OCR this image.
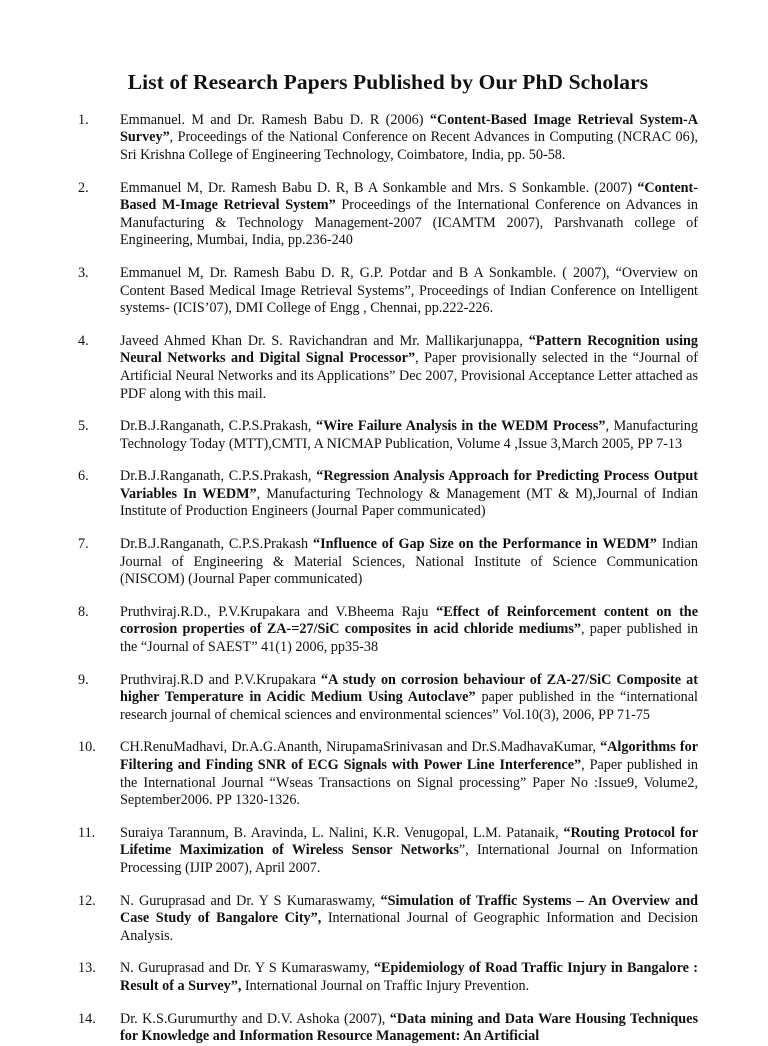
List of Research Papers Published by Our PhD Scholars
1.	Emmanuel. M and Dr. Ramesh Babu D. R (2006) “Content-Based Image Retrieval System-A Survey”, Proceedings of the National Conference on Recent Advances in Computing (NCRAC 06), Sri Krishna College of Engineering Technology, Coimbatore, India, pp. 50-58.
2.	Emmanuel M, Dr. Ramesh Babu D. R, B A Sonkamble and Mrs. S Sonkamble. (2007) “Content- Based M-Image Retrieval System” Proceedings of the International Conference on Advances in Manufacturing & Technology Management-2007 (ICAMTM 2007), Parshvanath college of Engineering, Mumbai, India, pp.236-240
3.	Emmanuel M, Dr. Ramesh Babu D. R, G.P. Potdar and B A Sonkamble. ( 2007), “Overview on Content Based Medical Image Retrieval Systems”, Proceedings of Indian Conference on Intelligent systems- (ICIS’07), DMI College of Engg , Chennai, pp.222-226.
4.	Javeed Ahmed Khan Dr. S. Ravichandran and Mr. Mallikarjunappa, “Pattern Recognition using Neural Networks and Digital Signal Processor”, Paper provisionally selected in the “Journal of Artificial Neural Networks and its Applications” Dec 2007, Provisional Acceptance Letter attached as PDF along with this mail.
5.	Dr.B.J.Ranganath, C.P.S.Prakash, “Wire Failure Analysis in the WEDM Process”, Manufacturing Technology Today (MTT),CMTI, A NICMAP Publication, Volume 4 ,Issue 3,March 2005, PP 7-13
6.	Dr.B.J.Ranganath, C.P.S.Prakash, “Regression Analysis Approach for Predicting Process Output Variables In WEDM”, Manufacturing Technology & Management (MT & M),Journal of Indian Institute of Production Engineers (Journal Paper communicated)
7.	Dr.B.J.Ranganath, C.P.S.Prakash “Influence of Gap Size on the Performance in WEDM” Indian Journal of Engineering & Material Sciences, National Institute of Science Communication (NISCOM) (Journal Paper communicated)
8.	Pruthviraj.R.D., P.V.Krupakara and V.Bheema Raju “Effect of Reinforcement content on the corrosion properties of ZA-=27/SiC composites in acid chloride mediums”, paper published in the “Journal of SAEST” 41(1) 2006, pp35-38
9.	Pruthviraj.R.D and P.V.Krupakara “A study on corrosion behaviour of ZA-27/SiC Composite at higher Temperature in Acidic Medium Using Autoclave” paper published in the “international research journal of chemical sciences and environmental sciences” Vol.10(3), 2006, PP 71-75
10.	CH.RenuMadhavi, Dr.A.G.Ananth, NirupamaSrinivasan and Dr.S.MadhavaKumar, “Algorithms for Filtering and Finding SNR of ECG Signals with Power Line Interference”, Paper published in the International Journal “Wseas Transactions on Signal processing” Paper No :Issue9, Volume2, September2006. PP 1320-1326.
11.	Suraiya Tarannum, B. Aravinda, L. Nalini, K.R. Venugopal, L.M. Patanaik, “Routing Protocol for Lifetime Maximization of Wireless Sensor Networks”, International Journal on Information Processing (IJIP 2007), April 2007.
12.	N. Guruprasad and Dr. Y S Kumaraswamy, “Simulation of Traffic Systems – An Overview and Case Study of Bangalore City”, International Journal of Geographic Information and Decision Analysis.
13.	N. Guruprasad and Dr. Y S Kumaraswamy, “Epidemiology of Road Traffic Injury in Bangalore : Result of a Survey”, International Journal on Traffic Injury Prevention.
14.	Dr. K.S.Gurumurthy and D.V. Ashoka (2007), “Data mining and Data Ware Housing Techniques for Knowledge and Information Resource Management: An Artificial
